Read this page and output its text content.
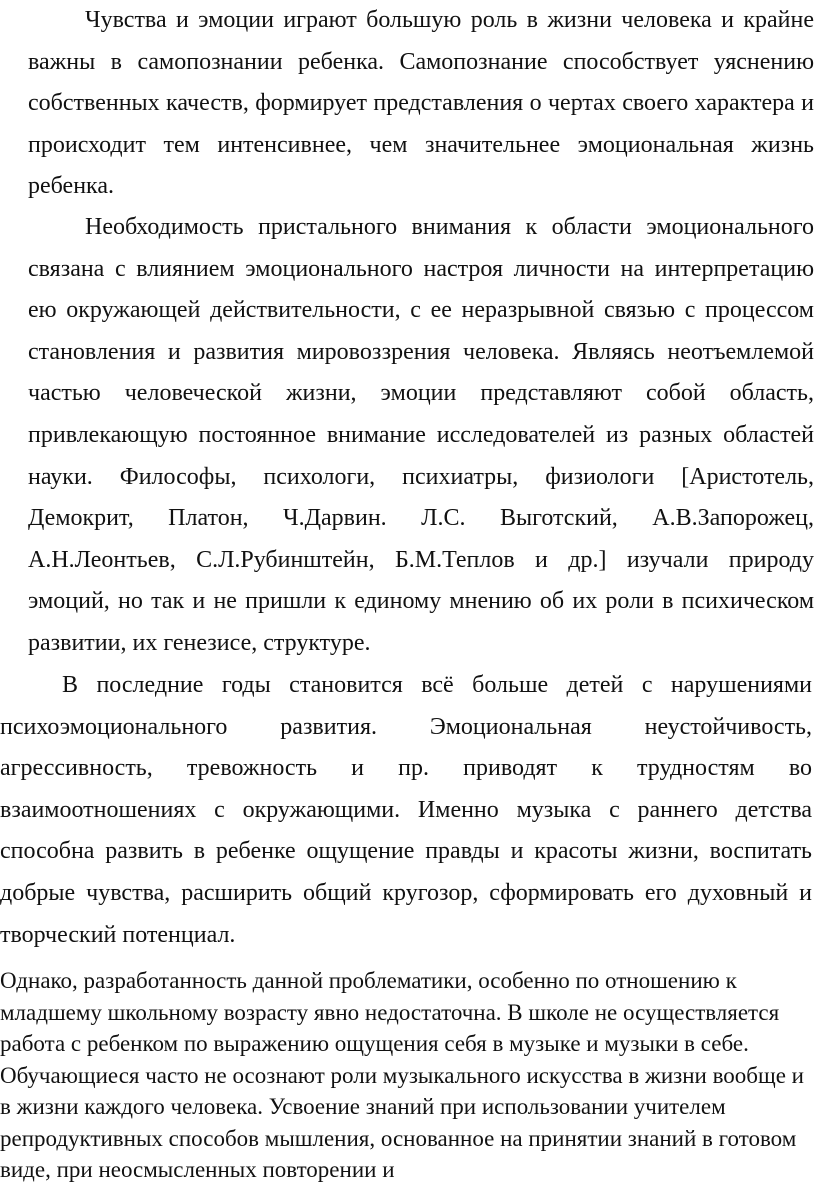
Чувства и эмоции играют большую роль в жизни человека и крайне важны в самопознании ребенка. Самопознание способствует уяснению собственных качеств, формирует представления о чертах своего характера и происходит тем интенсивнее, чем значительнее эмоциональная жизнь ребенка.

Необходимость пристального внимания к области эмоционального связана с влиянием эмоционального настроя личности на интерпретацию ею окружающей действительности, с ее неразрывной связью с процессом становления и развития мировоззрения человека. Являясь неотъемлемой частью человеческой жизни, эмоции представляют собой область, привлекающую постоянное внимание исследователей из разных областей науки. Философы, психологи, психиатры, физиологи [Аристотель, Демокрит, Платон, Ч.Дарвин. Л.С. Выготский, А.В.Запорожец, А.Н.Леонтьев, С.Л.Рубинштейн, Б.М.Теплов и др.] изучали природу эмоций, но так и не пришли к единому мнению об их роли в психическом развитии, их генезисе, структуре.

В последние годы становится всё больше детей с нарушениями психоэмоционального развития. Эмоциональная неустойчивость, агрессивность, тревожность и пр. приводят к трудностям во взаимоотношениях с окружающими. Именно музыка с раннего детства способна развить в ребенке ощущение правды и красоты жизни, воспитать добрые чувства, расширить общий кругозор, сформировать его духовный и творческий потенциал.

Однако, разработанность данной проблематики, особенно по отношению к младшему школьному возрасту явно недостаточна. В школе не осуществляется работа с ребенком по выражению ощущения себя в музыке и музыки в себе. Обучающиеся часто не осознают роли музыкального искусства в жизни вообще и в жизни каждого человека. Усвоение знаний при использовании учителем репродуктивных способов мышления, основанное на принятии знаний в готовом виде, при неосмысленных повторении и
